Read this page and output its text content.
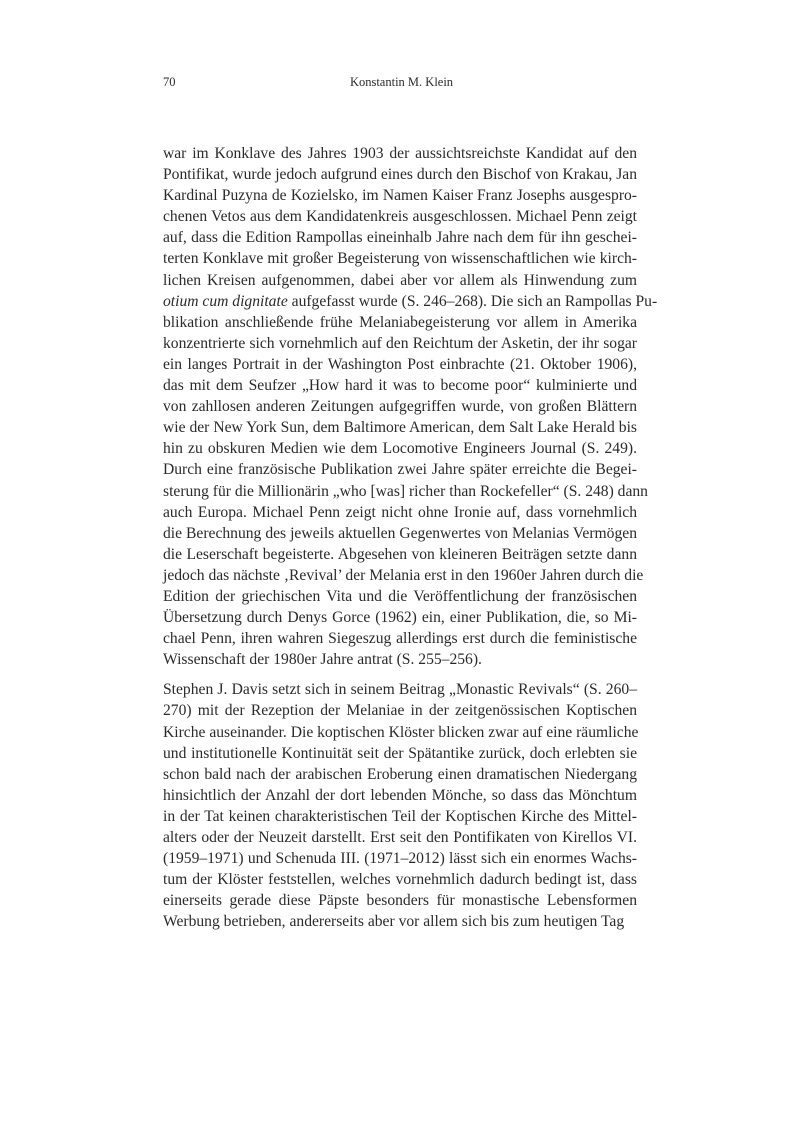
70	Konstantin M. Klein
war im Konklave des Jahres 1903 der aussichtsreichste Kandidat auf den
Pontifikat, wurde jedoch aufgrund eines durch den Bischof von Krakau, Jan
Kardinal Puzyna de Kozielsko, im Namen Kaiser Franz Josephs ausgespro-
chenen Vetos aus dem Kandidatenkreis ausgeschlossen. Michael Penn zeigt
auf, dass die Edition Rampollas eineinhalb Jahre nach dem für ihn geschei-
terten Konklave mit großer Begeisterung von wissenschaftlichen wie kirch-
lichen Kreisen aufgenommen, dabei aber vor allem als Hinwendung zum
otium cum dignitate aufgefasst wurde (S. 246–268). Die sich an Rampollas Pu-
blikation anschließende frühe Melaniabegeisterung vor allem in Amerika
konzentrierte sich vornehmlich auf den Reichtum der Asketin, der ihr sogar
ein langes Portrait in der Washington Post einbrachte (21. Oktober 1906),
das mit dem Seufzer „How hard it was to become poor“ kulminierte und
von zahllosen anderen Zeitungen aufgegriffen wurde, von großen Blättern
wie der New York Sun, dem Baltimore American, dem Salt Lake Herald bis
hin zu obskuren Medien wie dem Locomotive Engineers Journal (S. 249).
Durch eine französische Publikation zwei Jahre später erreichte die Begei-
sterung für die Millionärin „who [was] richer than Rockefeller“ (S. 248) dann
auch Europa. Michael Penn zeigt nicht ohne Ironie auf, dass vornehmlich
die Berechnung des jeweils aktuellen Gegenwertes von Melanias Vermögen
die Leserschaft begeisterte. Abgesehen von kleineren Beiträgen setzte dann
jedoch das nächste ‚Revival’ der Melania erst in den 1960er Jahren durch die
Edition der griechischen Vita und die Veröffentlichung der französischen
Übersetzung durch Denys Gorce (1962) ein, einer Publikation, die, so Mi-
chael Penn, ihren wahren Siegeszug allerdings erst durch die feministische
Wissenschaft der 1980er Jahre antrat (S. 255–256).
Stephen J. Davis setzt sich in seinem Beitrag „Monastic Revivals“ (S. 260–
270) mit der Rezeption der Melaniae in der zeitgenössischen Koptischen
Kirche auseinander. Die koptischen Klöster blicken zwar auf eine räumliche
und institutionelle Kontinuität seit der Spätantike zurück, doch erlebten sie
schon bald nach der arabischen Eroberung einen dramatischen Niedergang
hinsichtlich der Anzahl der dort lebenden Mönche, so dass das Mönchtum
in der Tat keinen charakteristischen Teil der Koptischen Kirche des Mittel-
alters oder der Neuzeit darstellt. Erst seit den Pontifikaten von Kirellos VI.
(1959–1971) und Schenuda III. (1971–2012) lässt sich ein enormes Wachs-
tum der Klöster feststellen, welches vornehmlich dadurch bedingt ist, dass
einerseits gerade diese Päpste besonders für monastische Lebensformen
Werbung betrieben, andererseits aber vor allem sich bis zum heutigen Tag
